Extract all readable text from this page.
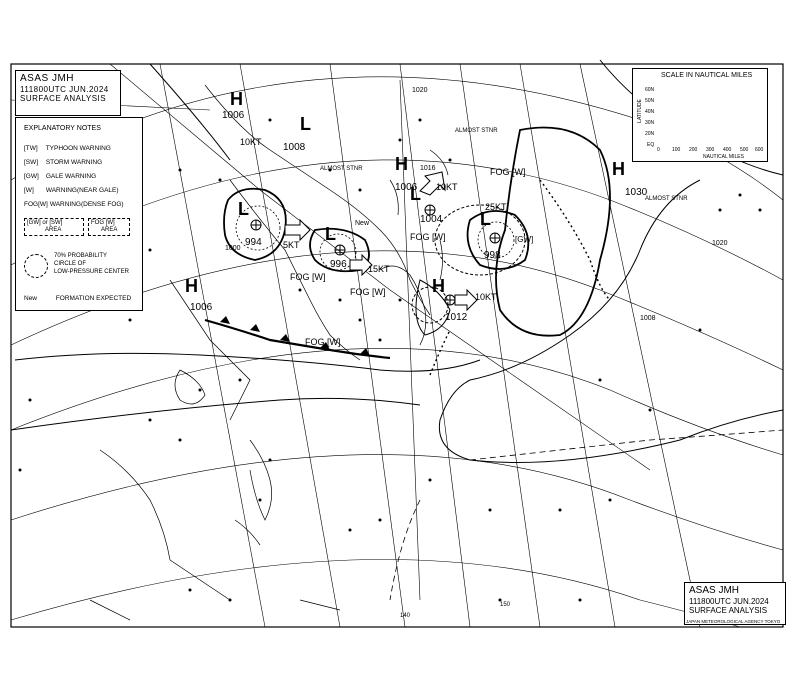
L
1008
L
994	L
996
L
1004 L
998
H
1006
H
1012
H
1030
H
1006
H
1006
1000
1020
1020
1016
1008
FOG [W]
FOG [W]
FOG [W]
FOG [W]
FOG [W]
[GW]
ALMOST STNR
ALMOST STNR
ALMOST STNR
10KT
10KT
10KT
15KT
25KT
5KT
New
140
150
ASAS JMH
111800UTC JUN.2024
SURFACE ANALYSIS
ASAS JMH
111800UTC JUN.2024
SURFACE ANALYSIS
JAPAN METEOROLOGICAL AGENCY TOKYO
EXPLANATORY NOTES
[TW] TYPHOON WARNING
[SW] STORM WARNING
[GW] GALE WARNING
[W] WARNING(NEAR GALE)
FOG[W] WARNING(DENSE FOG)
[GW] or [SW]
AREA
FOG [W]
AREA
70% PROBABILITY
CIRCLE OF
LOW-PRESSURE CENTER
New	FORMATION EXPECTED
SCALE IN NAUTICAL MILES
LATITUDE
60N
50N
40N
30N
20N
EQ
0 100 200 300 400 500 600
NAUTICAL MILES
